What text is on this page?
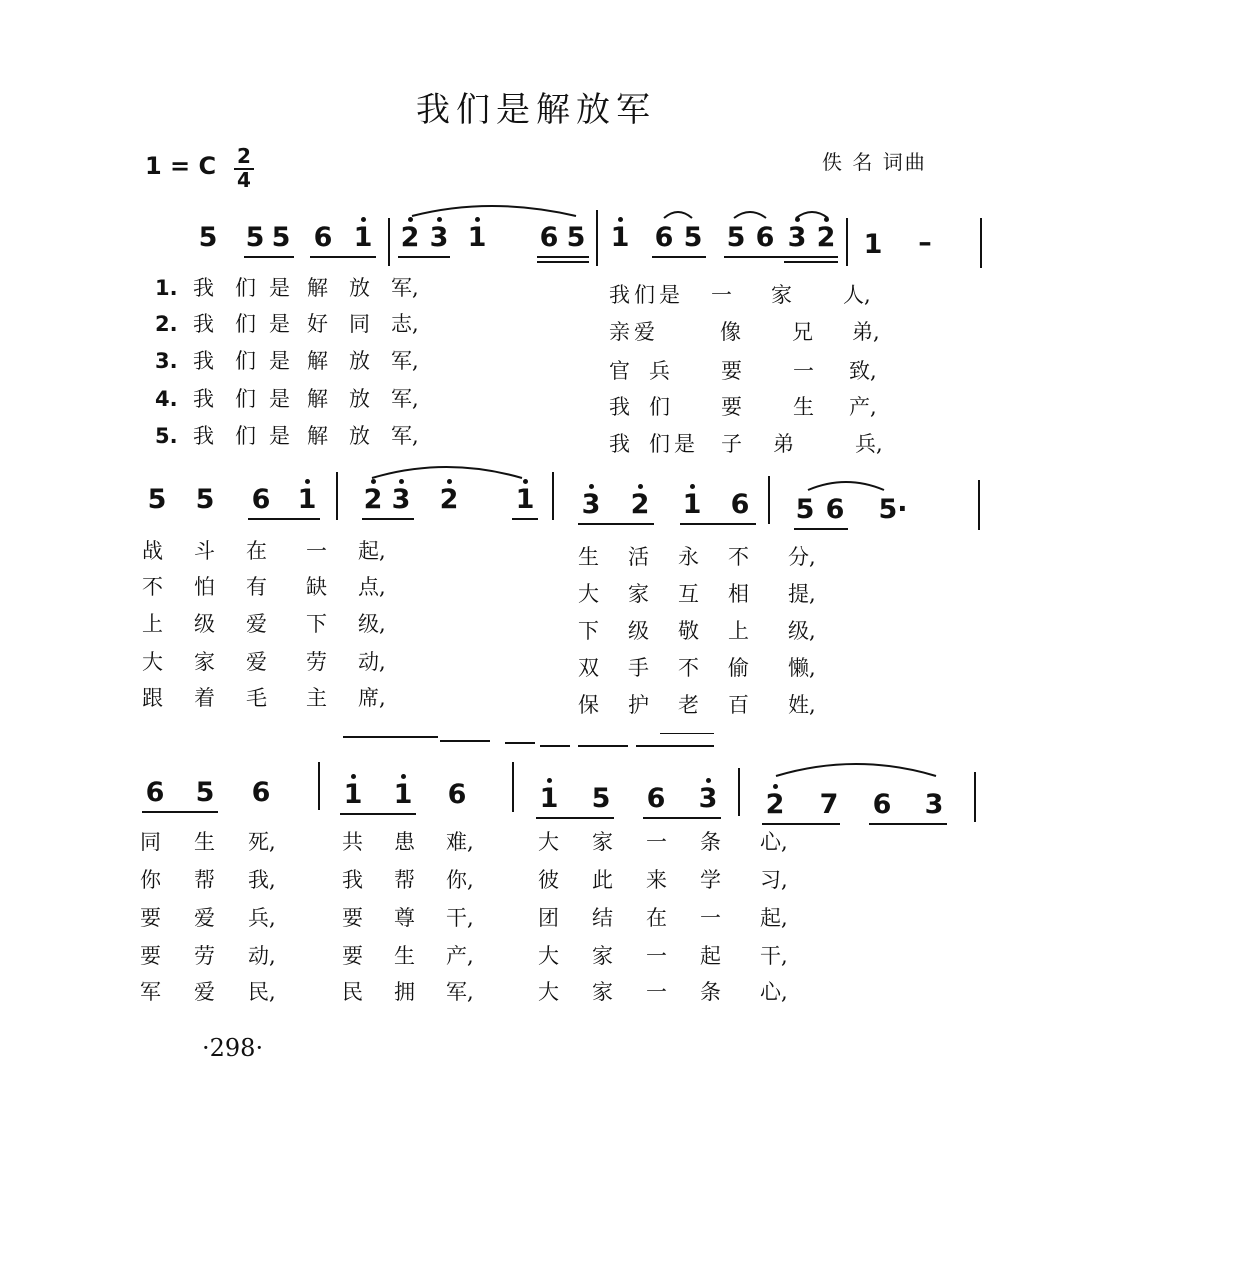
我们是解放军
1 = C 2
4
佚 名 词曲
5 5 5 6 1 2 3 1 6 5 1 6 5 5 6 3 2 1 –
1. 我 们 是 解 放 军,
2. 我 们 是 好 同 志,
3. 我 们 是 解 放 军,
4. 我 们 是 解 放 军,
5. 我 们 是 解 放 军,
我 们 是 一 家 人,
亲 爱	像 兄 弟,
官 兵 要 一 致,
我 们 要 生 产,
我 们 是 子 弟	兵,
5 5 6 1 2 3 2 1 3 2 1 6 5 6 5·
战 斗 在 一 起,
不 怕 有 缺 点,
上 级 爱 下 级,
大 家 爱 劳 动,
跟 着 毛 主 席,
生 活 永 不 分,
大 家 互 相 提,
下 级 敬 上 级,
双 手 不 偷 懒,
保 护 老 百 姓,
6 5 6	1 1 6	1 5 6 3 2 7 6 3
同 生 死,	共 患 难,	大 家 一 条 心,
你 帮 我,	我 帮 你,	彼 此 来 学 习,
要 爱 兵,	要 尊 干,	团 结 在 一 起,
要 劳 动,	要 生 产,	大 家 一 起 干,
军 爱 民,	民 拥 军,	大 家 一 条 心,
·298·
